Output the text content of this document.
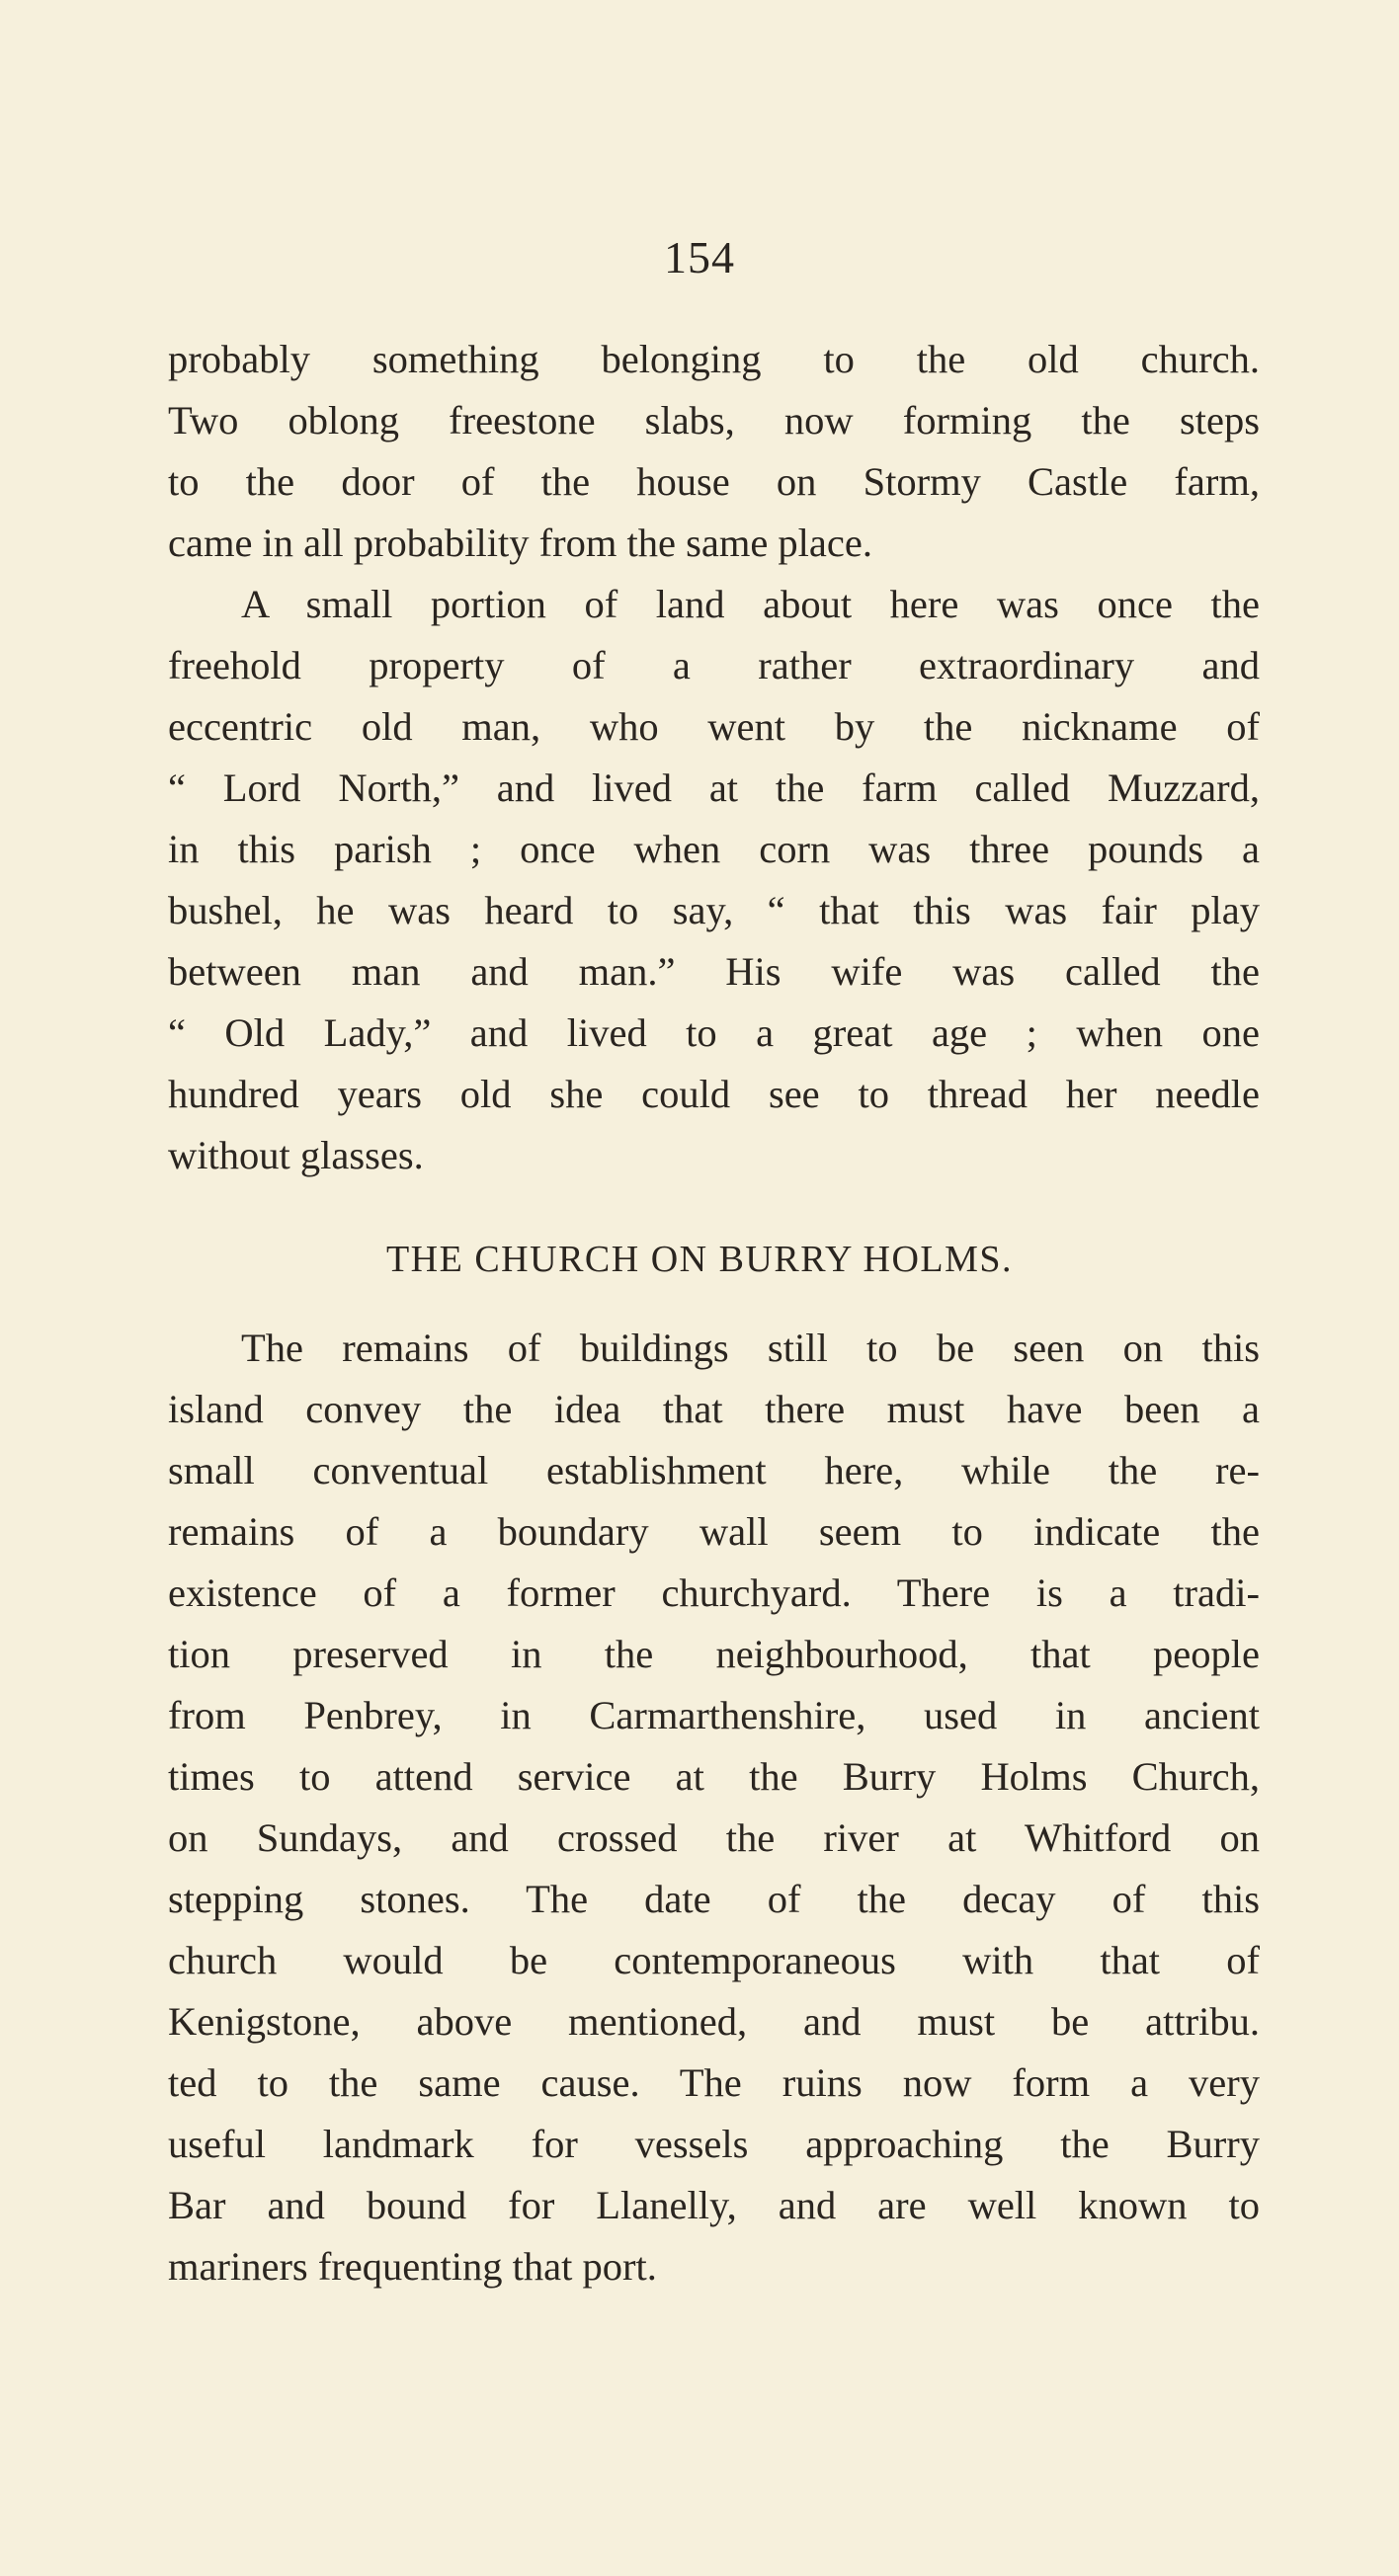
154
probably something belonging to the old church.
Two oblong freestone slabs, now forming the steps
to the door of the house on Stormy Castle farm,
came in all probability from the same place.
A small portion of land about here was once the
freehold property of a rather extraordinary and
eccentric old man, who went by the nickname of
“ Lord North,” and lived at the farm called Muzzard,
in this parish ; once when corn was three pounds a
bushel, he was heard to say, “ that this was fair play
between man and man.” His wife was called the
“ Old Lady,” and lived to a great age ; when one
hundred years old she could see to thread her needle
without glasses.
THE CHURCH ON BURRY HOLMS.
The remains of buildings still to be seen on this
island convey the idea that there must have been a
small conventual establishment here, while the re-
remains of a boundary wall seem to indicate the
existence of a former churchyard. There is a tradi-
tion preserved in the neighbourhood, that people
from Penbrey, in Carmarthenshire, used in ancient
times to attend service at the Burry Holms Church,
on Sundays, and crossed the river at Whitford on
stepping stones. The date of the decay of this
church would be contemporaneous with that of
Kenigstone, above mentioned, and must be attribu.
ted to the same cause. The ruins now form a very
useful landmark for vessels approaching the Burry
Bar and bound for Llanelly, and are well known to
mariners frequenting that port.
